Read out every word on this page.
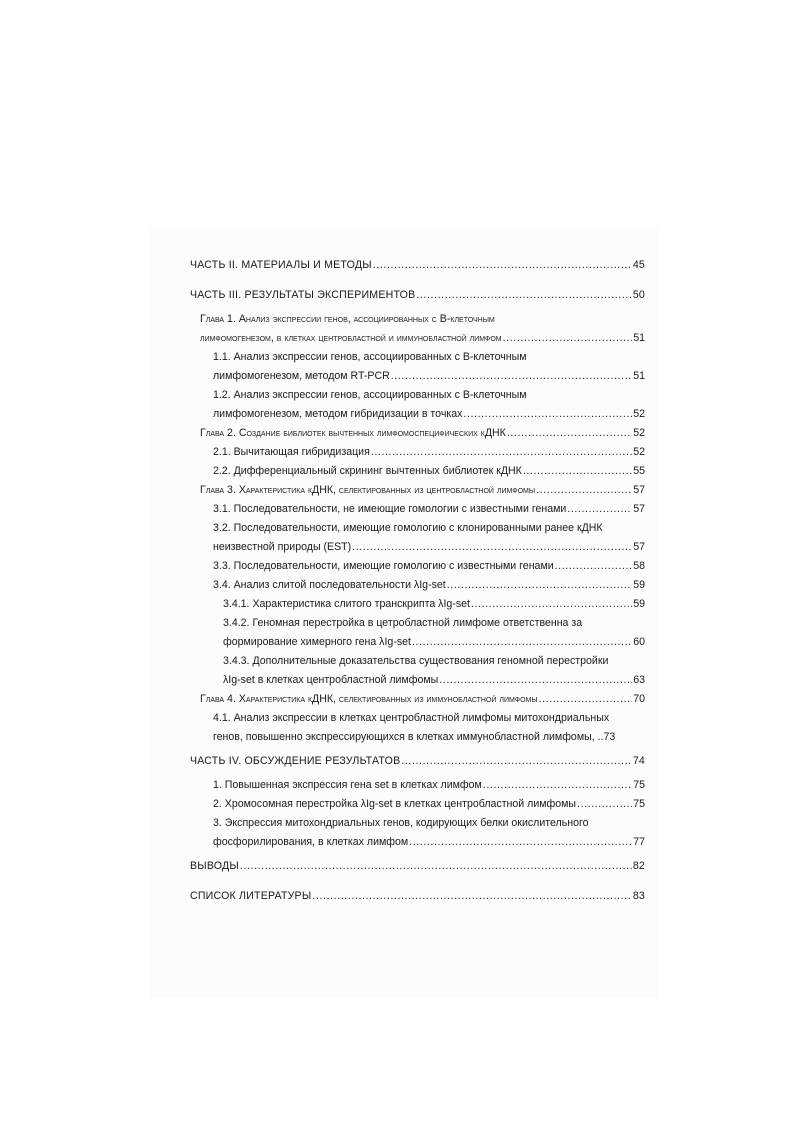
ЧАСТЬ II. МАТЕРИАЛЫ И МЕТОДЫ .....	45
ЧАСТЬ III. РЕЗУЛЬТАТЫ ЭКСПЕРИМЕНТОВ .....	50
Глава 1. Анализ экспрессии генов, ассоциированных с В-клеточным
лимфомогенезом, в клетках центробластной и иммунобластной лимфом .....	51
1.1. Анализ экспрессии генов, ассоциированных с В-клеточным
лимфомогенезом, методом RT-PCR .....	51
1.2. Анализ экспрессии генов, ассоциированных с В-клеточным
лимфомогенезом, методом гибридизации в точках .....	52
Глава 2. Создание библиотек вычтенных лимфомоспецифических кДНК .....	52
2.1. Вычитающая гибридизация .....	52
2.2. Дифференциальный скрининг вычтенных библиотек кДНК .....	55
Глава 3. Характеристика кДНК, селектированных из центробластной лимфомы .....	57
3.1. Последовательности, не имеющие гомологии с известными генами .....	57
3.2. Последовательности, имеющие гомологию с клонированными ранее кДНК
неизвестной природы (EST) .....	57
3.3. Последовательности, имеющие гомологию с известными генами .....	58
3.4. Анализ слитой последовательности λIg-set .....	59
3.4.1. Характеристика слитого транскрипта λIg-set .....	59
3.4.2. Геномная перестройка в цетробластной лимфоме ответственна за
формирование химерного гена λIg-set .....	60
3.4.3. Дополнительные доказательства существования геномной перестройки
λIg-set в клетках центробластной лимфомы .....	63
Глава 4. Характеристика кДНК, селектированных из иммунобластной лимфомы .....	70
4.1. Анализ экспрессии в клетках центробластной лимфомы митохондриальных
генов, повышенно экспрессирующихся в клетках иммунобластной лимфомы, .. 73
ЧАСТЬ IV. ОБСУЖДЕНИЕ РЕЗУЛЬТАТОВ .....	74
1. Повышенная экспрессия гена set в клетках лимфом .....	75
2. Хромосомная перестройка λIg-set в клетках центробластной лимфомы .....	75
3. Экспрессия митохондриальных генов, кодирующих белки окислительного
фосфорилирования, в клетках лимфом .....	77
ВЫВОДЫ .....	82
СПИСОК ЛИТЕРАТУРЫ .....	83
